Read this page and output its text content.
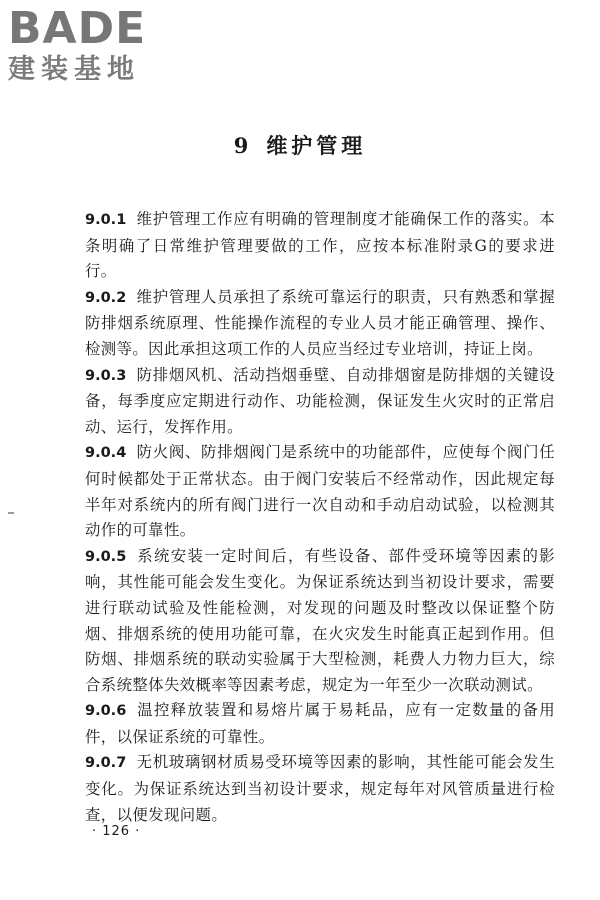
BADE
建装基地
9 维护管理

9.0.1 维护管理工作应有明确的管理制度才能确保工作的落实。本条明确了日常维护管理要做的工作，应按本标准附录G的要求进行。

9.0.2 维护管理人员承担了系统可靠运行的职责，只有熟悉和掌握防排烟系统原理、性能操作流程的专业人员才能正确管理、操作、检测等。因此承担这项工作的人员应当经过专业培训，持证上岗。

9.0.3 防排烟风机、活动挡烟垂壁、自动排烟窗是防排烟的关键设备，每季度应定期进行动作、功能检测，保证发生火灾时的正常启动、运行，发挥作用。

9.0.4 防火阀、防排烟阀门是系统中的功能部件，应使每个阀门任何时候都处于正常状态。由于阀门安装后不经常动作，因此规定每半年对系统内的所有阀门进行一次自动和手动启动试验，以检测其动作的可靠性。

9.0.5 系统安装一定时间后，有些设备、部件受环境等因素的影响，其性能可能会发生变化。为保证系统达到当初设计要求，需要进行联动试验及性能检测，对发现的问题及时整改以保证整个防烟、排烟系统的使用功能可靠，在火灾发生时能真正起到作用。但防烟、排烟系统的联动实验属于大型检测，耗费人力物力巨大，综合系统整体失效概率等因素考虑，规定为一年至少一次联动测试。

9.0.6 温控释放装置和易熔片属于易耗品，应有一定数量的备用件，以保证系统的可靠性。

9.0.7 无机玻璃钢材质易受环境等因素的影响，其性能可能会发生变化。为保证系统达到当初设计要求，规定每年对风管质量进行检查，以便发现问题。

· 126 ·
